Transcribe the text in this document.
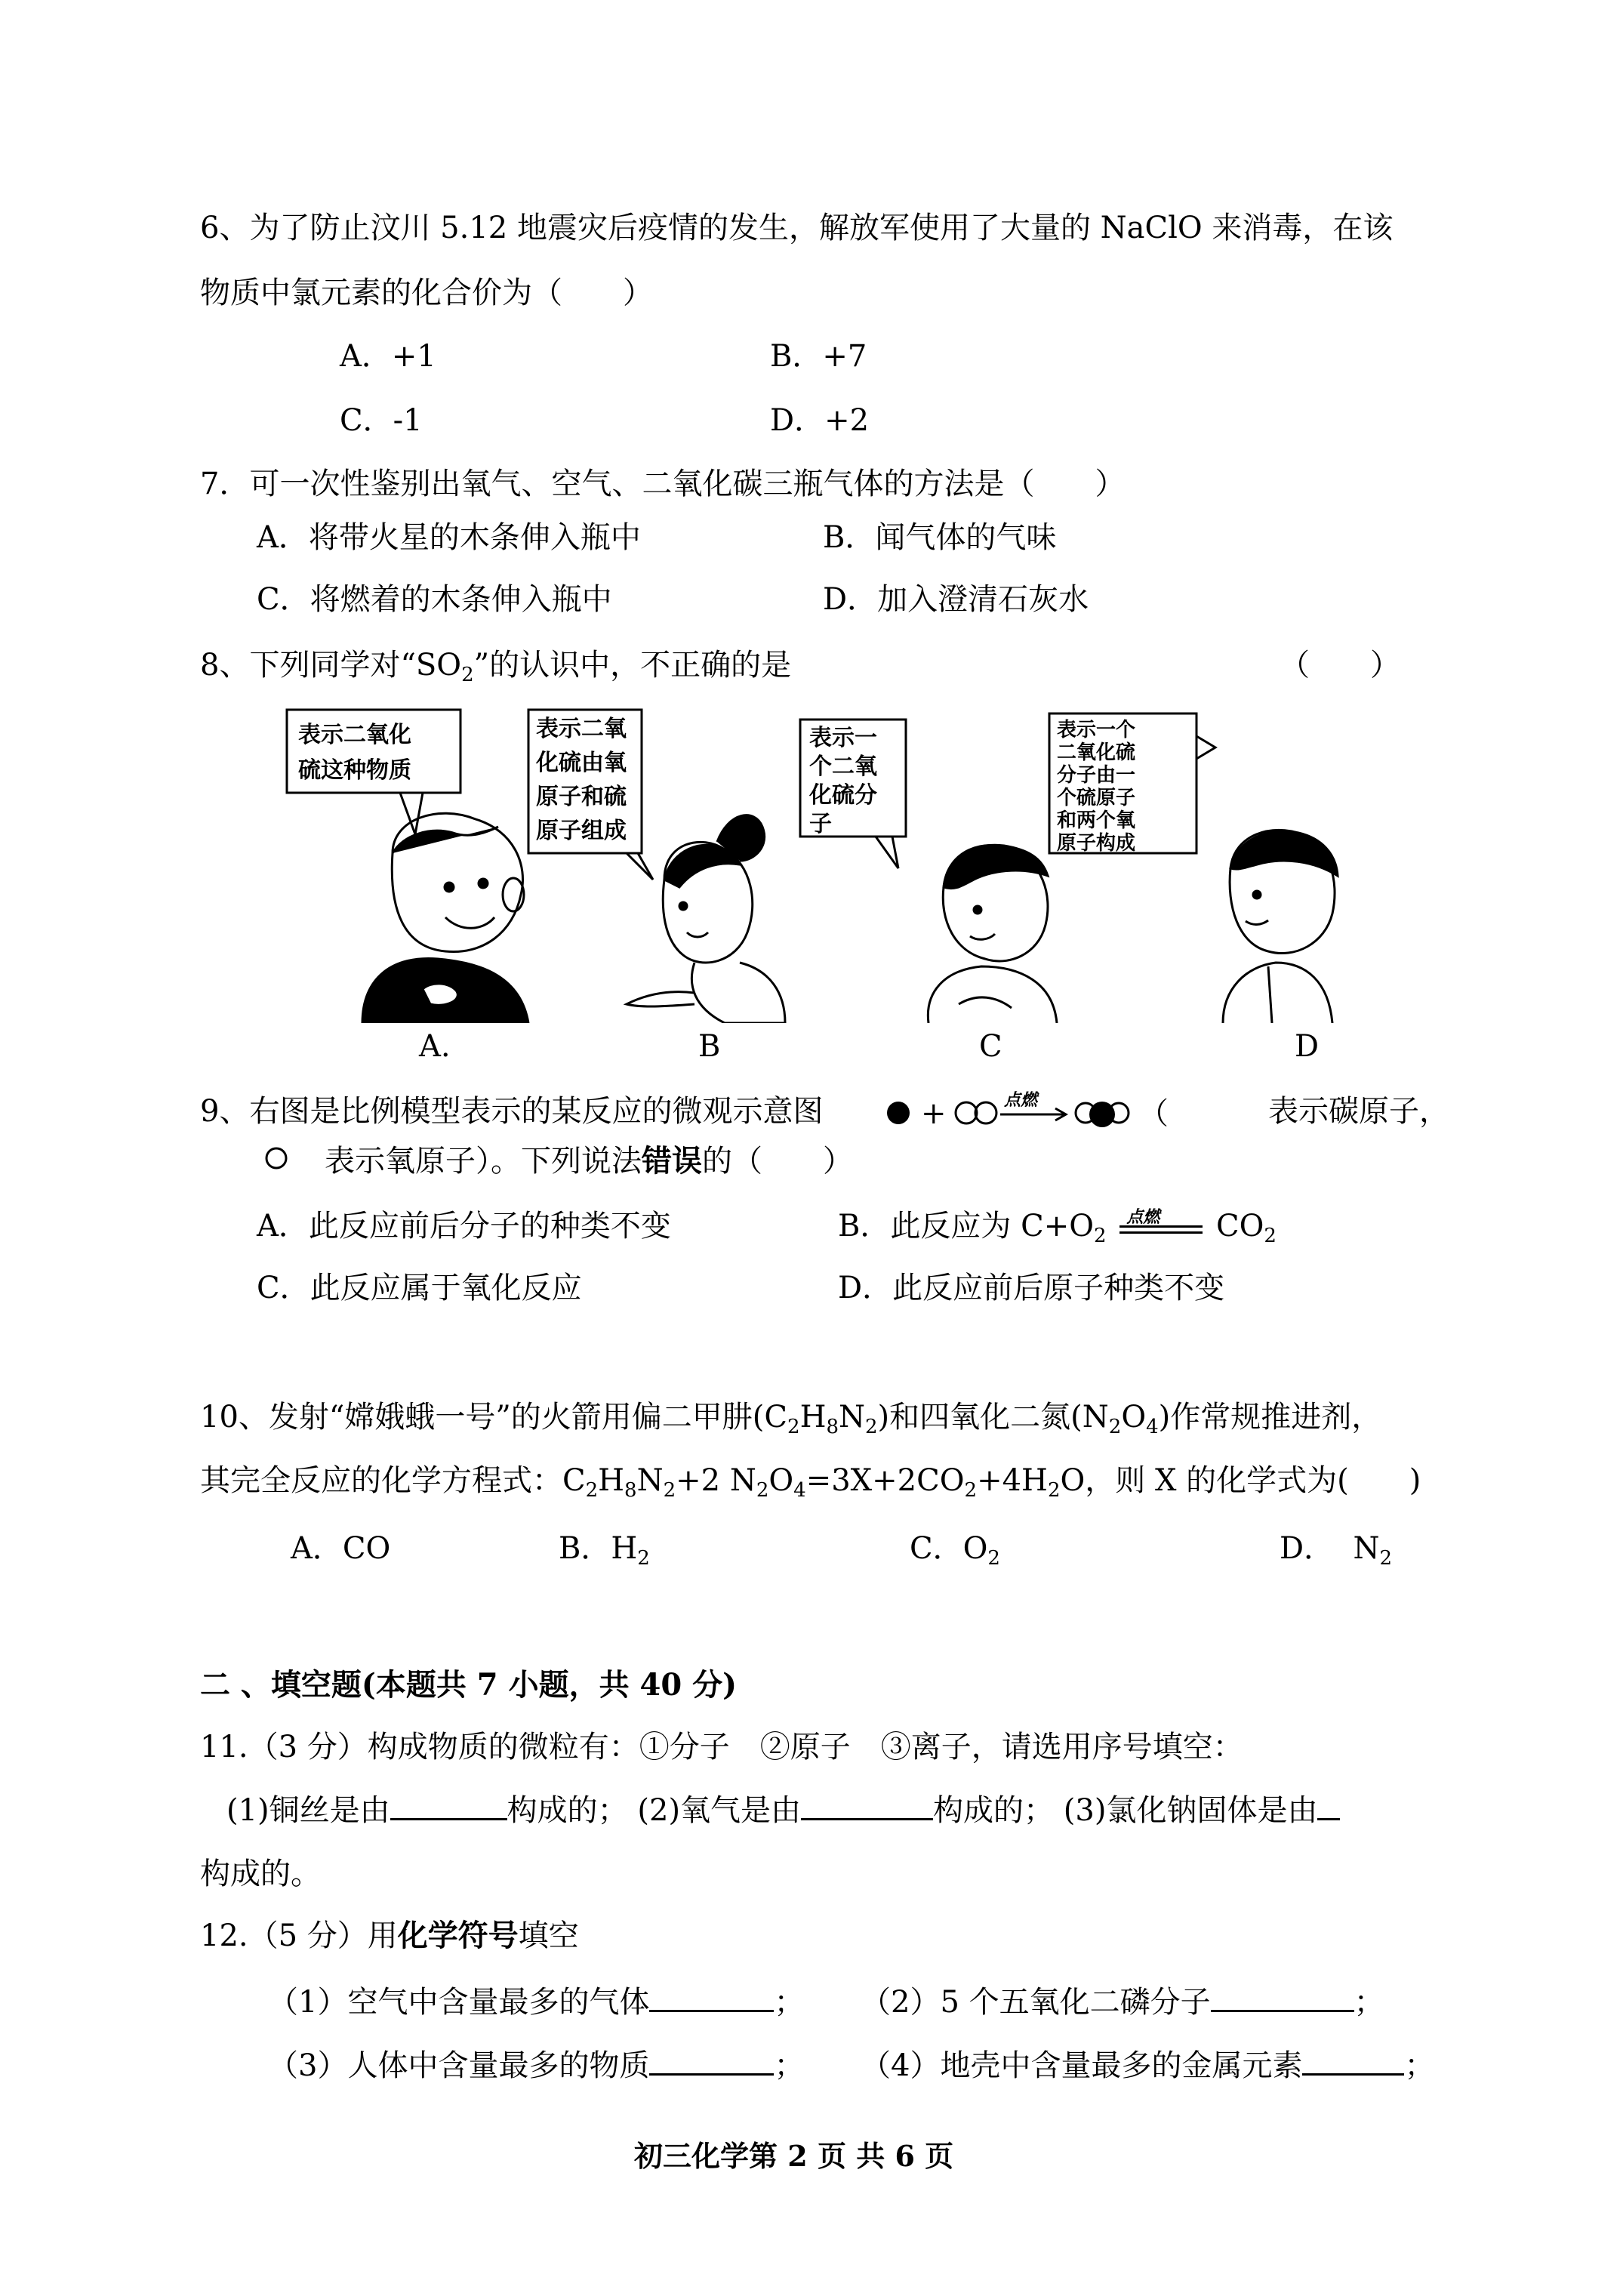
6、为了防止汶川 5.12 地震灾后疫情的发生，解放军使用了大量的 NaClO 来消毒，在该
物质中氯元素的化合价为（　　）
A．+1	B．+7
C．-1	D．+2
7．可一次性鉴别出氧气、空气、二氧化碳三瓶气体的方法是（　　）
A．将带火星的木条伸入瓶中	B．闻气体的气味
C．将燃着的木条伸入瓶中	D．加入澄清石灰水
8、下列同学对“$SO_2$”的认识中，不正确的是	（　　）
表示二氧化
硫这种物质
表示二氧
化硫由氧
原子和硫
原子组成
表示一
个二氧
化硫分
子
表示一个
二氧化硫
分子由一
个硫原子
和两个氧
原子构成
A.	B	C	D
9、右图是比例模型表示的某反应的微观示意图	+	点燃	（	表示碳原子，
表示氧原子）。下列说法错误的（　　）
A．此反应前后分子的种类不变	B．此反应为 $C+O_2$
点燃 $CO_2$
C．此反应属于氧化反应	D．此反应前后原子种类不变
10、发射“嫦娥蛾一号”的火箭用偏二甲肼$(C_2H_8N_2)$和四氧化二氮$(N_2O_4)$作常规推进剂，
其完全反应的化学方程式：$C_2H_8N_2+2$ $N_2O_4=3X+2CO_2+4H_2O$，则 X 的化学式为(　　)
A．CO	B．$H_2$	C．$O_2$	D．  $N_2$
二 、填空题(本题共 7 小题，共 40 分)
11.（3 分）构成物质的微粒有：①分子　②原子　③离子，请选用序号填空：
(1)铜丝是由	构成的； (2)氧气是由	构成的； (3)氯化钠固体是由
构成的。
12.（5 分）用化学符号填空
（1）空气中含量最多的气体	； （2）5 个五氧化二磷分子	；
（3）人体中含量最多的物质	； （4）地壳中含量最多的金属元素	；
初三化学第 2 页 共 6 页
